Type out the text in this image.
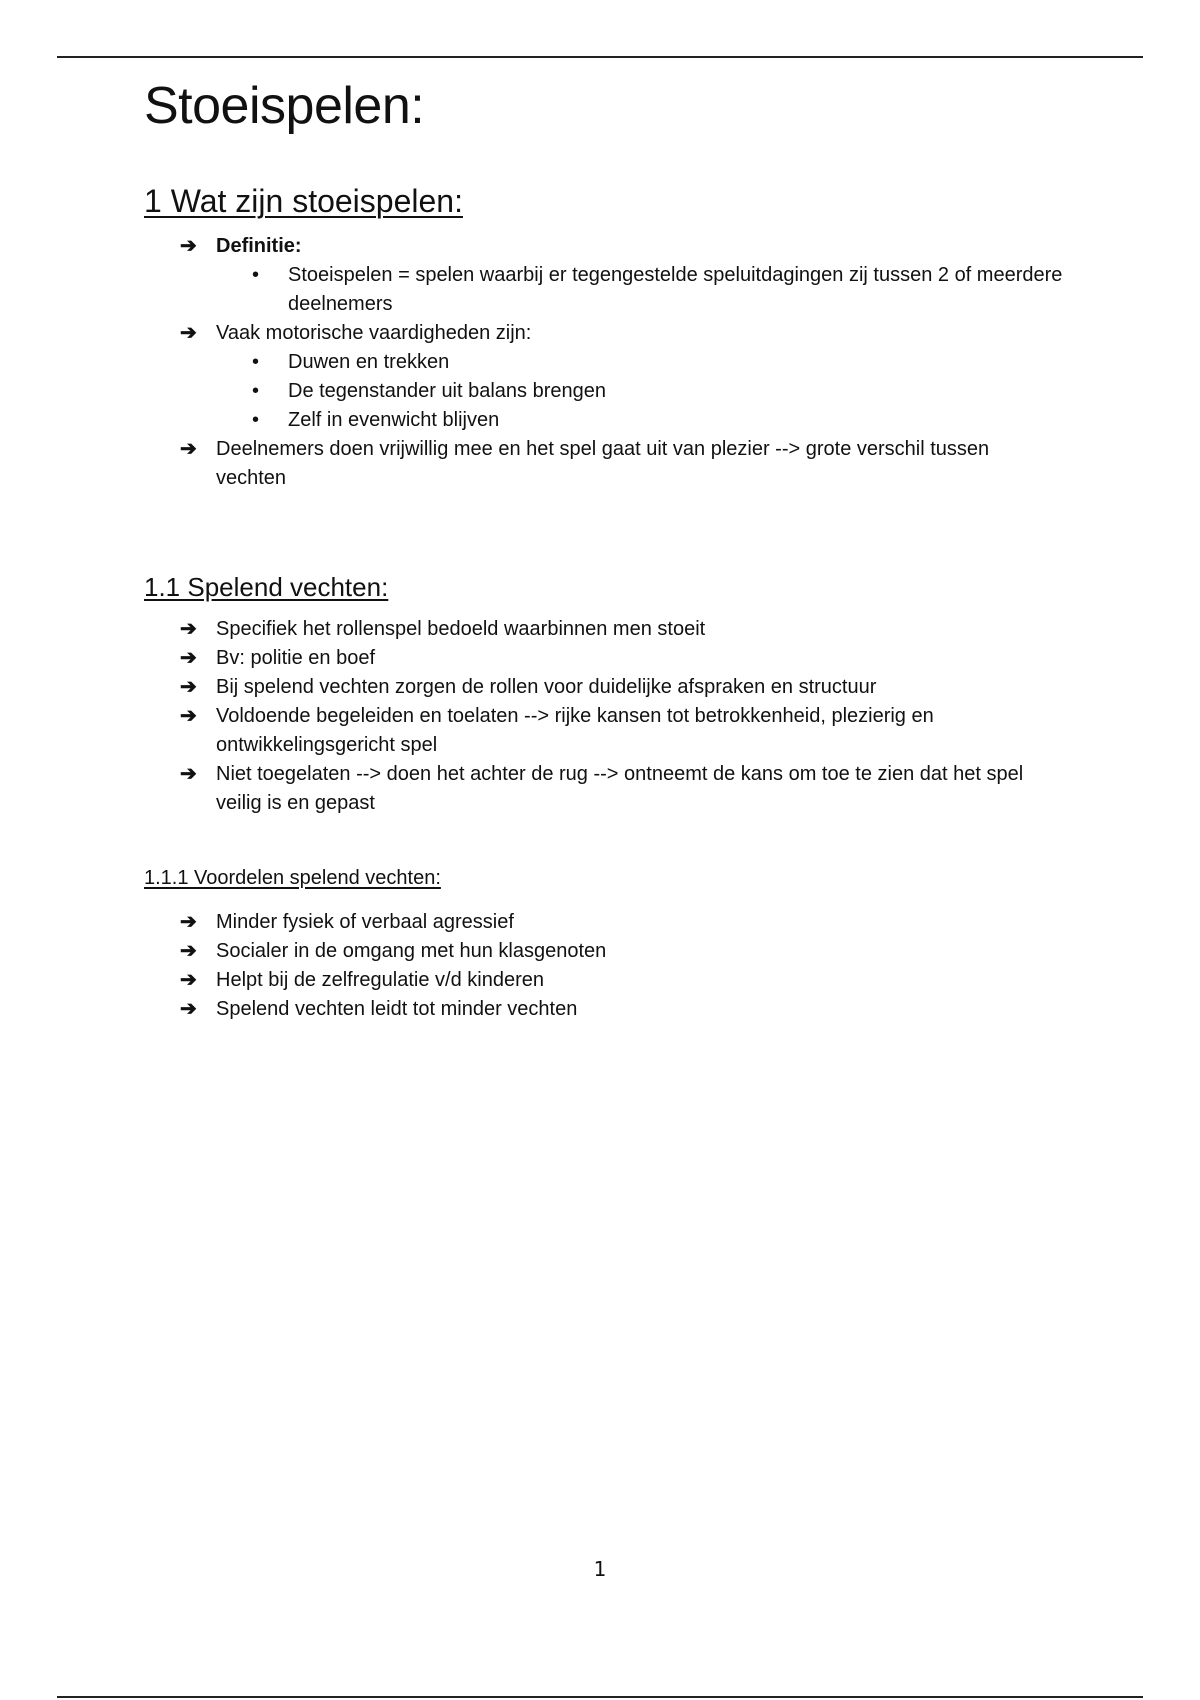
Stoeispelen:
1 Wat zijn stoeispelen:
➔ Definitie:
• Stoeispelen = spelen waarbij er tegengestelde speluitdagingen zij tussen 2 of meerdere deelnemers
➔ Vaak motorische vaardigheden zijn:
• Duwen en trekken
• De tegenstander uit balans brengen
• Zelf in evenwicht blijven
➔ Deelnemers doen vrijwillig mee en het spel gaat uit van plezier --> grote verschil tussen vechten
1.1 Spelend vechten:
➔ Specifiek het rollenspel bedoeld waarbinnen men stoeit
➔ Bv: politie en boef
➔ Bij spelend vechten zorgen de rollen voor duidelijke afspraken en structuur
➔ Voldoende begeleiden en toelaten --> rijke kansen tot betrokkenheid, plezierig en ontwikkelingsgericht spel
➔ Niet toegelaten --> doen het achter de rug --> ontneemt de kans om toe te zien dat het spel veilig is en gepast
1.1.1 Voordelen spelend vechten:
➔ Minder fysiek of verbaal agressief
➔ Socialer in de omgang met hun klasgenoten
➔ Helpt bij de zelfregulatie v/d kinderen
➔ Spelend vechten leidt tot minder vechten
1
